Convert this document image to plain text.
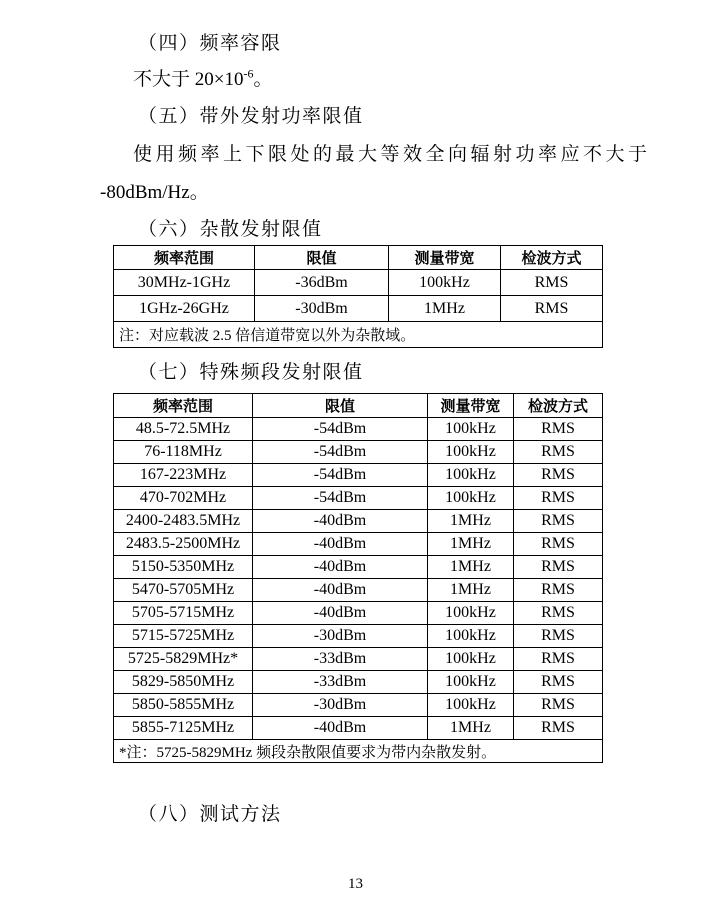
（四）频率容限
不大于 $20\times 10^{-6}$。
（五）带外发射功率限值
使用频率上下限处的最大等效全向辐射功率应不大于
-80dBm/Hz。
（六）杂散发射限值
频率范围	限值	测量带宽	检波方式
30MHz-1GHz	-36dBm	100kHz	RMS
1GHz-26GHz	-30dBm	1MHz	RMS
注：对应载波 2.5 倍信道带宽以外为杂散域。			
（七）特殊频段发射限值
频率范围	限值	测量带宽	检波方式
48.5-72.5MHz	-54dBm	100kHz	RMS
76-118MHz	-54dBm	100kHz	RMS
167-223MHz	-54dBm	100kHz	RMS
470-702MHz	-54dBm	100kHz	RMS
2400-2483.5MHz	-40dBm	1MHz	RMS
2483.5-2500MHz	-40dBm	1MHz	RMS
5150-5350MHz	-40dBm	1MHz	RMS
5470-5705MHz	-40dBm	1MHz	RMS
5705-5715MHz	-40dBm	100kHz	RMS
5715-5725MHz	-30dBm	100kHz	RMS
5725-5829MHz*	-33dBm	100kHz	RMS
5829-5850MHz	-33dBm	100kHz	RMS
5850-5855MHz	-30dBm	100kHz	RMS
5855-7125MHz	-40dBm	1MHz	RMS
*注：5725-5829MHz 频段杂散限值要求为带内杂散发射。			
（八）测试方法
13
